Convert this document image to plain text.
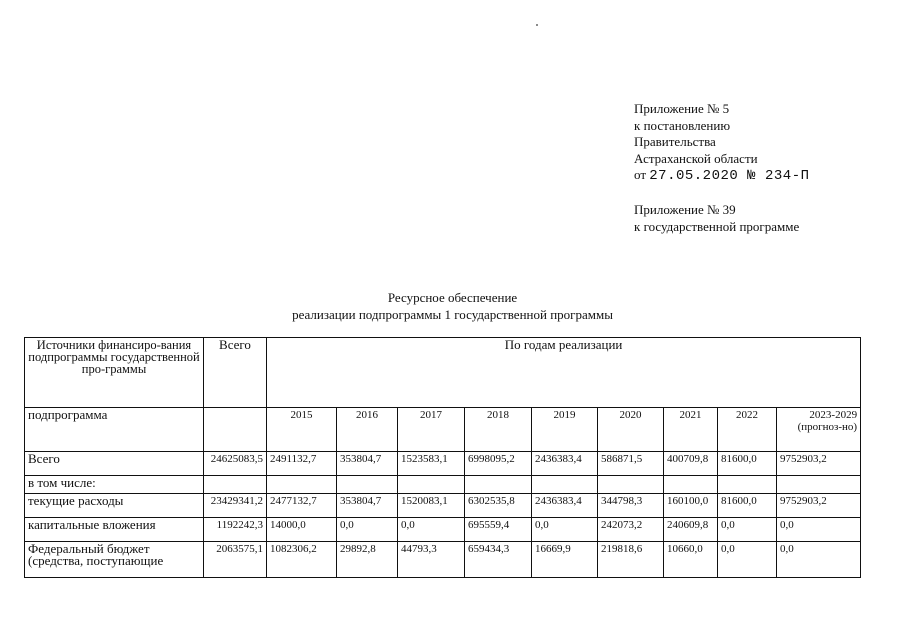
Приложение № 5
к постановлению
Правительства
Астраханской области
от 27.05.2020 № 234-П
Приложение № 39
к государственной программе
Ресурсное обеспечение
реализации подпрограммы 1 государственной программы
Источники финансиро-вания подпрограммы государственной про-граммы	Всего	По годам реализации								
подпрограмма		2015	2016	2017	2018	2019	2020	2021	2022	2023-2029 (прогноз-но)
Всего	24625083,5	2491132,7	353804,7	1523583,1	6998095,2	2436383,4	586871,5	400709,8	81600,0	9752903,2
в том числе:										
текущие расходы	23429341,2	2477132,7	353804,7	1520083,1	6302535,8	2436383,4	344798,3	160100,0	81600,0	9752903,2
капитальные вложения	1192242,3	14000,0	0,0	0,0	695559,4	0,0	242073,2	240609,8	0,0	0,0
Федеральный бюджет (средства, поступающие	2063575,1	1082306,2	29892,8	44793,3	659434,3	16669,9	219818,6	10660,0	0,0	0,0
